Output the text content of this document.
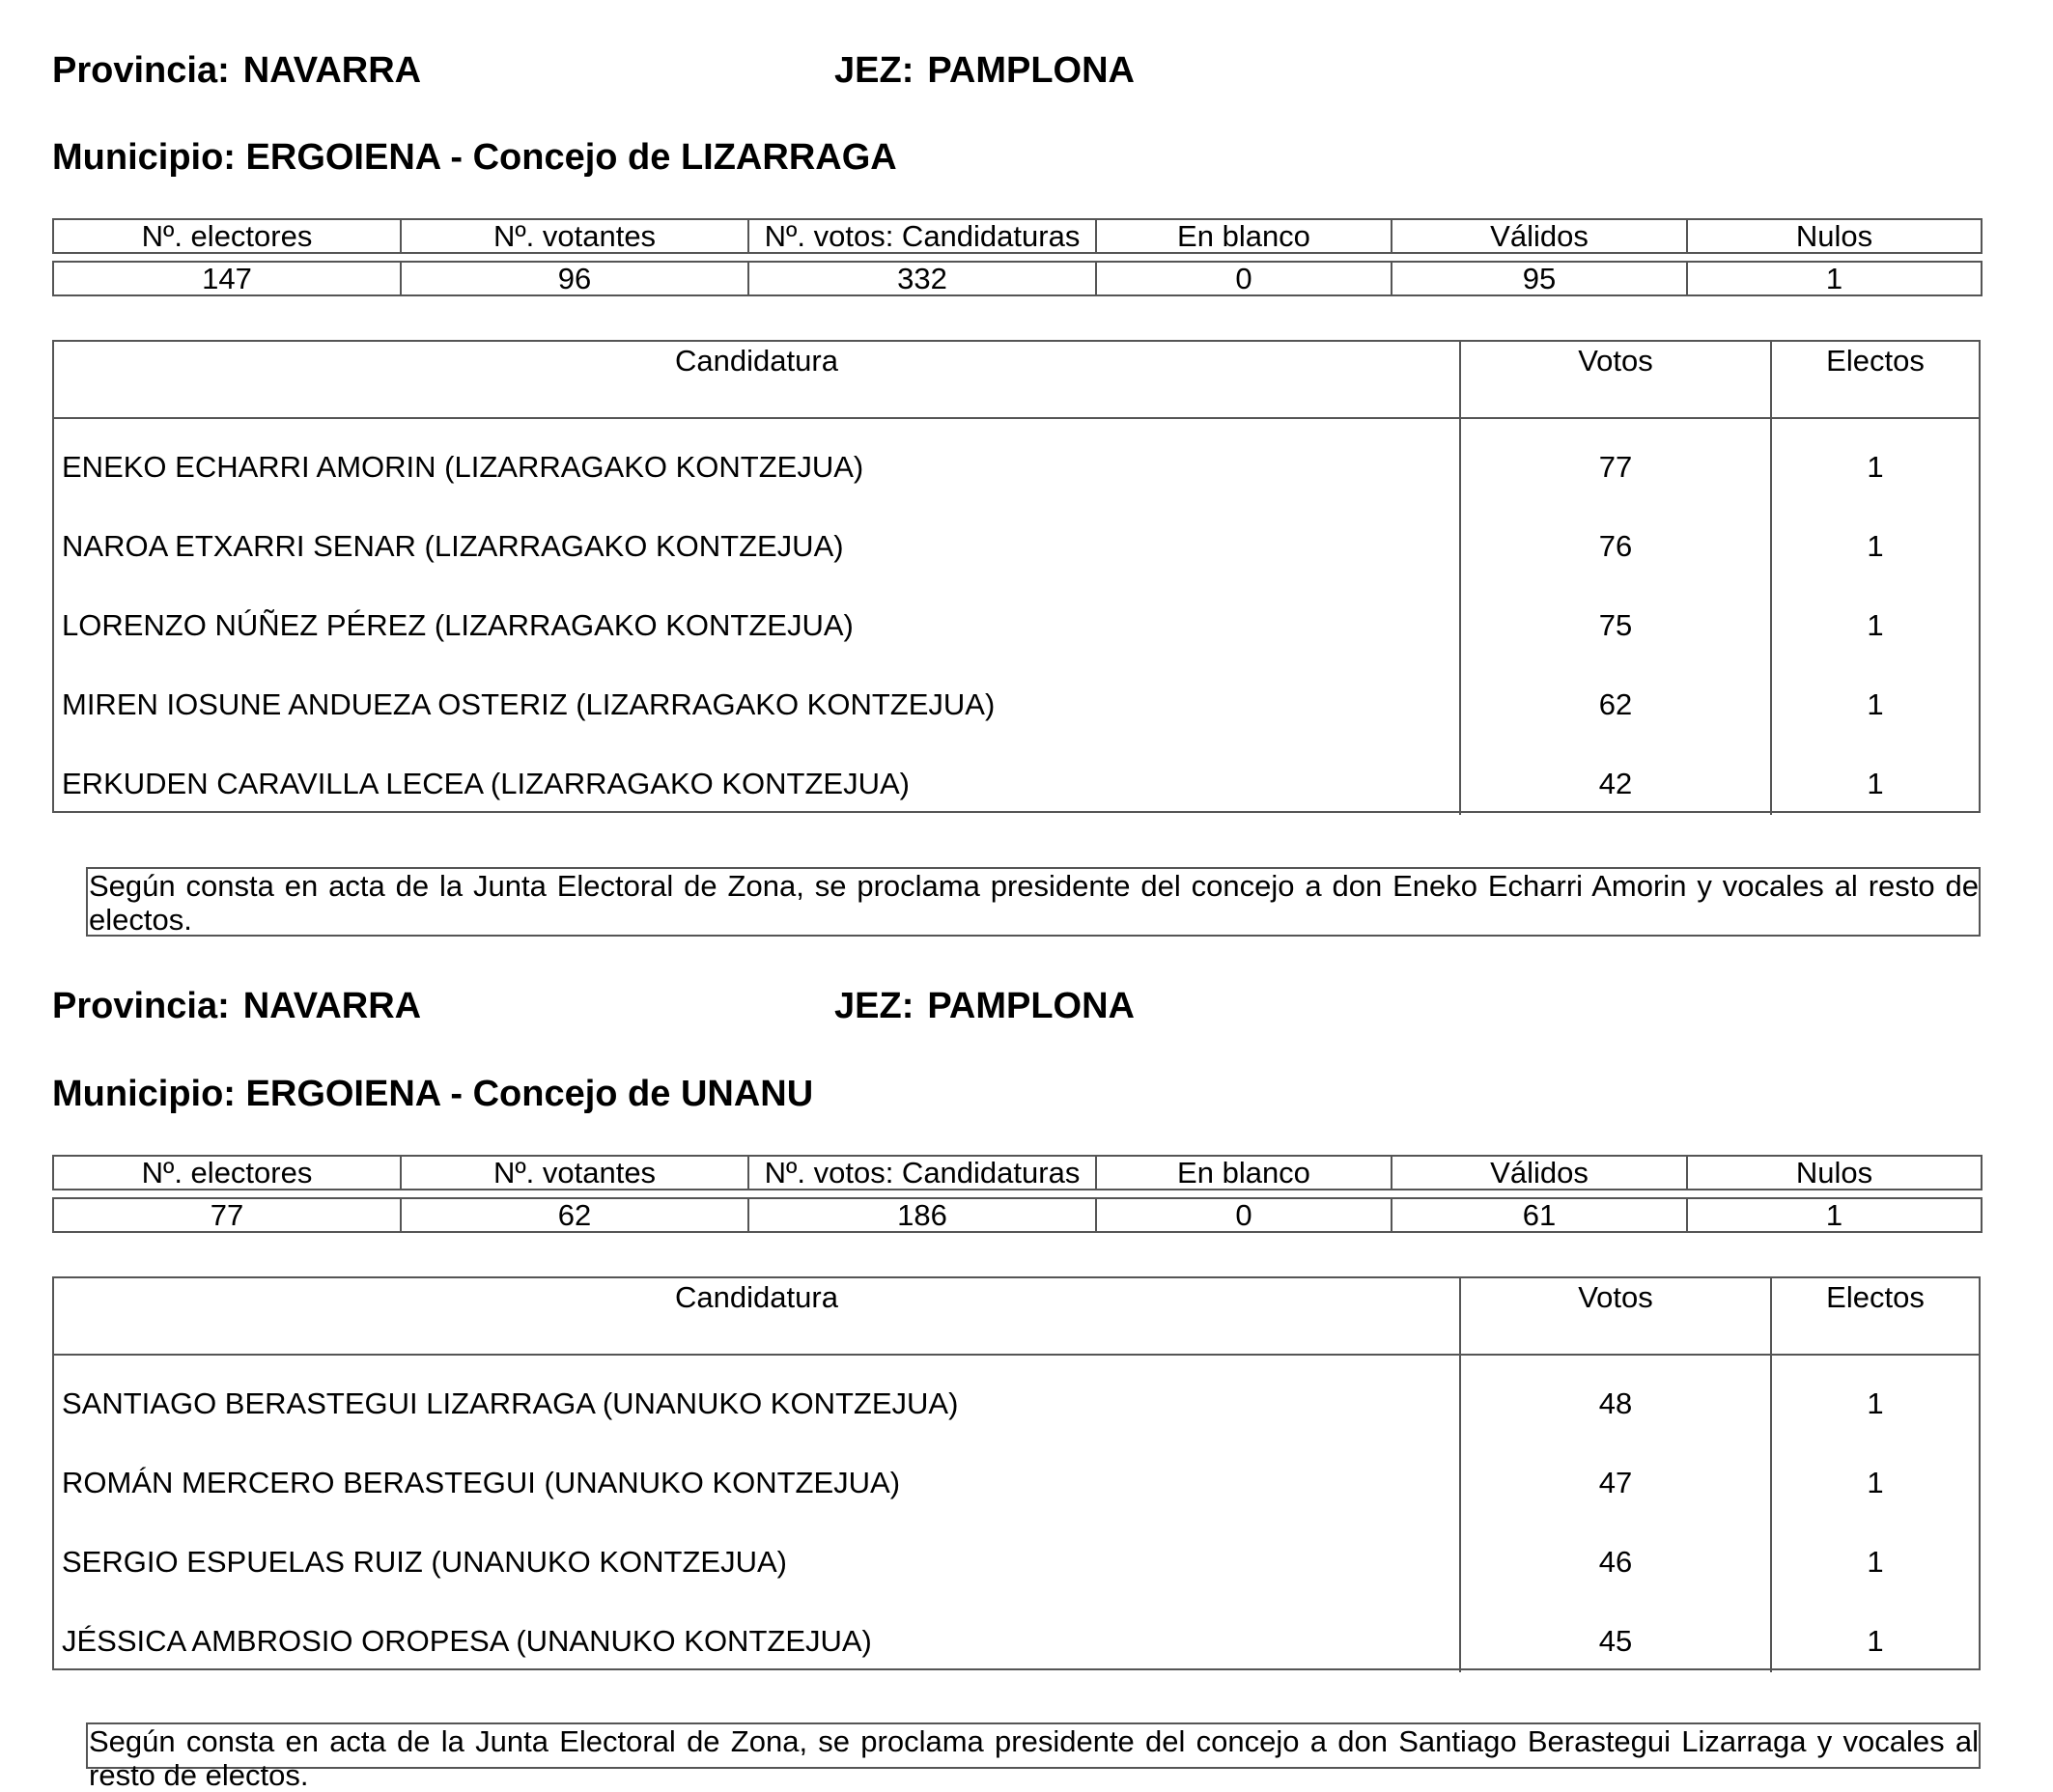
Provincia: NAVARRA	JEZ: PAMPLONA
Municipio: ERGOIENA - Concejo de LIZARRAGA
Nº. electores	Nº. votantes	Nº. votos: Candidaturas	En blanco	Válidos	Nulos

147	96	332	0	95	1
Candidatura	Votos	Electos
ENEKO ECHARRI AMORIN (LIZARRAGAKO KONTZEJUA)	77	1
NAROA ETXARRI SENAR (LIZARRAGAKO KONTZEJUA)	76	1
LORENZO NÚÑEZ PÉREZ (LIZARRAGAKO KONTZEJUA)	75	1
MIREN IOSUNE ANDUEZA OSTERIZ (LIZARRAGAKO KONTZEJUA)	62	1
ERKUDEN CARAVILLA LECEA (LIZARRAGAKO KONTZEJUA)	42	1
Según consta en acta de la Junta Electoral de Zona, se proclama presidente del concejo a don Eneko Echarri Amorin y vocales al resto de electos.
Provincia: NAVARRA	JEZ: PAMPLONA
Municipio: ERGOIENA - Concejo de UNANU
Nº. electores	Nº. votantes	Nº. votos: Candidaturas	En blanco	Válidos	Nulos

77	62	186	0	61	1
Candidatura	Votos	Electos
SANTIAGO BERASTEGUI LIZARRAGA (UNANUKO KONTZEJUA)	48	1
ROMÁN MERCERO BERASTEGUI (UNANUKO KONTZEJUA)	47	1
SERGIO ESPUELAS RUIZ (UNANUKO KONTZEJUA)	46	1
JÉSSICA AMBROSIO OROPESA (UNANUKO KONTZEJUA)	45	1
Según consta en acta de la Junta Electoral de Zona, se proclama presidente del concejo a don Santiago Berastegui Lizarraga y vocales al resto de electos.
